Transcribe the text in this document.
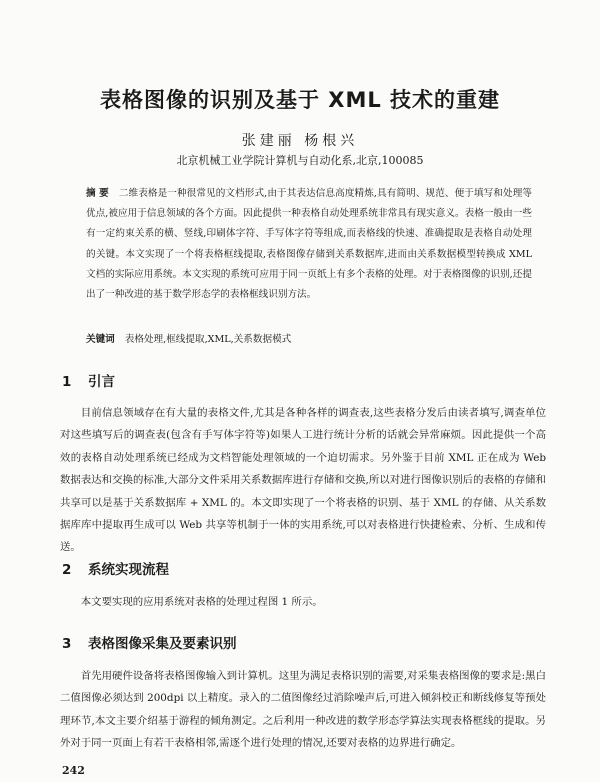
表格图像的识别及基于 XML 技术的重建
张建丽 杨根兴
北京机械工业学院计算机与自动化系,北京,100085
摘 要 二维表格是一种很常见的文档形式,由于其表达信息高度精炼,具有简明、规范、便于填写和处理等优点,被应用于信息领域的各个方面。因此提供一种表格自动处理系统非常具有现实意义。表格一般由一些有一定約束关系的横、竖线,印刷体字符、手写体字符等组成,而表格线的快速、准确提取是表格自动处理的关键。本文实现了一个将表格框线提取,表格图像存储到关系数据库,进而由关系数据模型转换成 XML 文档的实际应用系统。本文实现的系统可应用于同一页纸上有多个表格的处理。对于表格图像的识别,还提出了一种改进的基于数学形态学的表格框线识别方法。
关键词 表格处理,框线提取,XML,关系数据模式
1 引言
目前信息领域存在有大量的表格文件,尤其是各种各样的调查表,这些表格分发后由读者填写,调查单位对这些填写后的调查表(包含有手写体字符等)如果人工进行统计分析的话就会异常麻烦。因此提供一个高效的表格自动处理系统已经成为文档智能处理领域的一个迫切需求。另外鉴于目前 XML 正在成为 Web 数据表达和交换的标准,大部分文件采用关系数据库进行存储和交换,所以对进行图像识别后的表格的存储和共享可以是基于关系数据库 + XML 的。本文即实现了一个将表格的识别、基于 XML 的存储、从关系数据库库中提取再生成可以 Web 共享等机制于一体的实用系统,可以对表格进行快捷检索、分析、生成和传送。
2 系统实现流程
本文要实现的应用系统对表格的处理过程图 1 所示。
3 表格图像采集及要素识别
首先用硬件设备将表格图像输入到计算机。这里为满足表格识别的需要,对采集表格图像的要求是:黑白二值图像必须达到 200dpi 以上精度。录入的二值图像经过消除噪声后,可进入倾斜校正和断线修复等预处理环节,本文主要介绍基于游程的倾角测定。之后利用一种改进的数学形态学算法实现表格框线的提取。另外对于同一页面上有若干表格相邻,需逐个进行处理的情况,还要对表格的边界进行确定。
242
